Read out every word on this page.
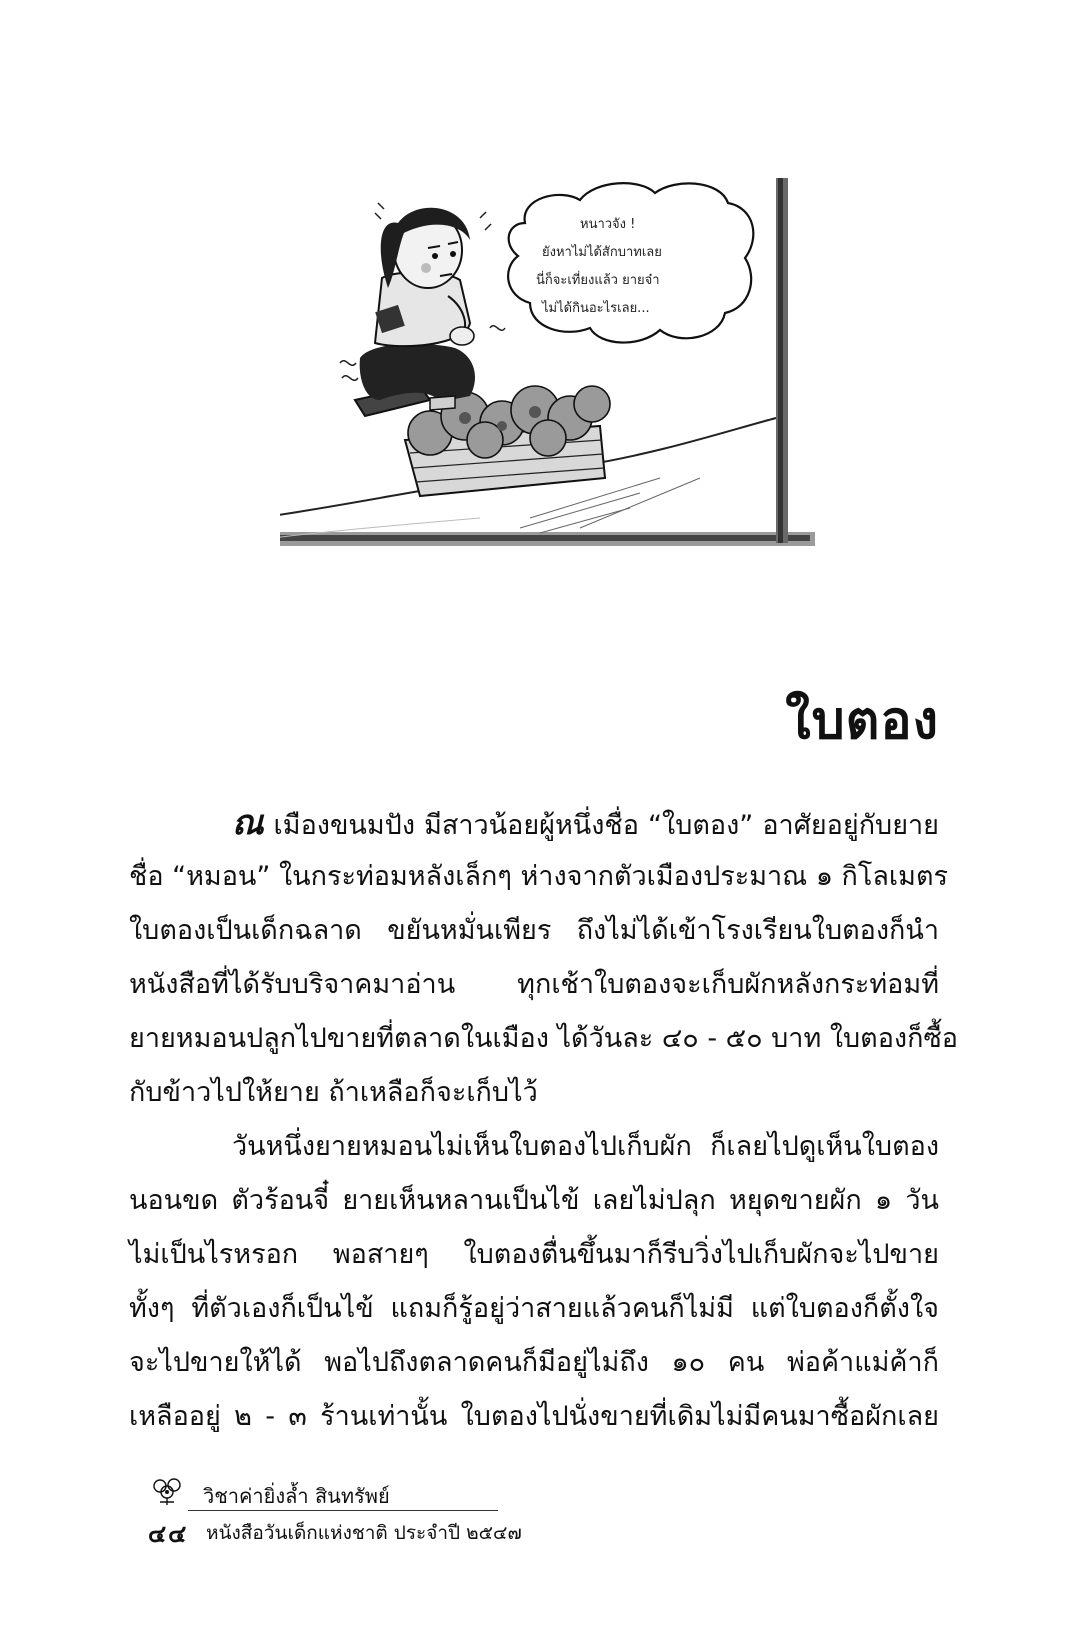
หนาวจัง !
ยังหาไม่ได้สักบาทเลย
นี่ก็จะเที่ยงแล้ว ยายจ๋า
ไม่ได้กินอะไรเลย...
ใบตอง
ณ เมืองขนมปัง มีสาวน้อยผู้หนึ่งชื่อ “ใบตอง” อาศัยอยู่กับยาย
ชื่อ “หมอน” ในกระท่อมหลังเล็กๆ ห่างจากตัวเมืองประมาณ ๑ กิโลเมตร
ใบตองเป็นเด็กฉลาด ขยันหมั่นเพียร ถึงไม่ได้เข้าโรงเรียนใบตองก็นำ
หนังสือที่ได้รับบริจาคมาอ่าน ทุกเช้าใบตองจะเก็บผักหลังกระท่อมที่
ยายหมอนปลูกไปขายที่ตลาดในเมือง ได้วันละ ๔๐ - ๕๐ บาท ใบตองก็ซื้อ
กับข้าวไปให้ยาย ถ้าเหลือก็จะเก็บไว้
วันหนึ่งยายหมอนไม่เห็นใบตองไปเก็บผัก ก็เลยไปดูเห็นใบตอง
นอนขด ตัวร้อนจี๋ ยายเห็นหลานเป็นไข้ เลยไม่ปลุก หยุดขายผัก ๑ วัน
ไม่เป็นไรหรอก พอสายๆ ใบตองตื่นขึ้นมาก็รีบวิ่งไปเก็บผักจะไปขาย
ทั้งๆ ที่ตัวเองก็เป็นไข้ แถมก็รู้อยู่ว่าสายแล้วคนก็ไม่มี แต่ใบตองก็ตั้งใจ
จะไปขายให้ได้ พอไปถึงตลาดคนก็มีอยู่ไม่ถึง ๑๐ คน พ่อค้าแม่ค้าก็
เหลืออยู่ ๒ - ๓ ร้านเท่านั้น ใบตองไปนั่งขายที่เดิมไม่มีคนมาซื้อผักเลย
วิชาค่ายิ่งล้ำ สินทรัพย์
๔๔ หนังสือวันเด็กแห่งชาติ ประจำปี ๒๕๔๗
